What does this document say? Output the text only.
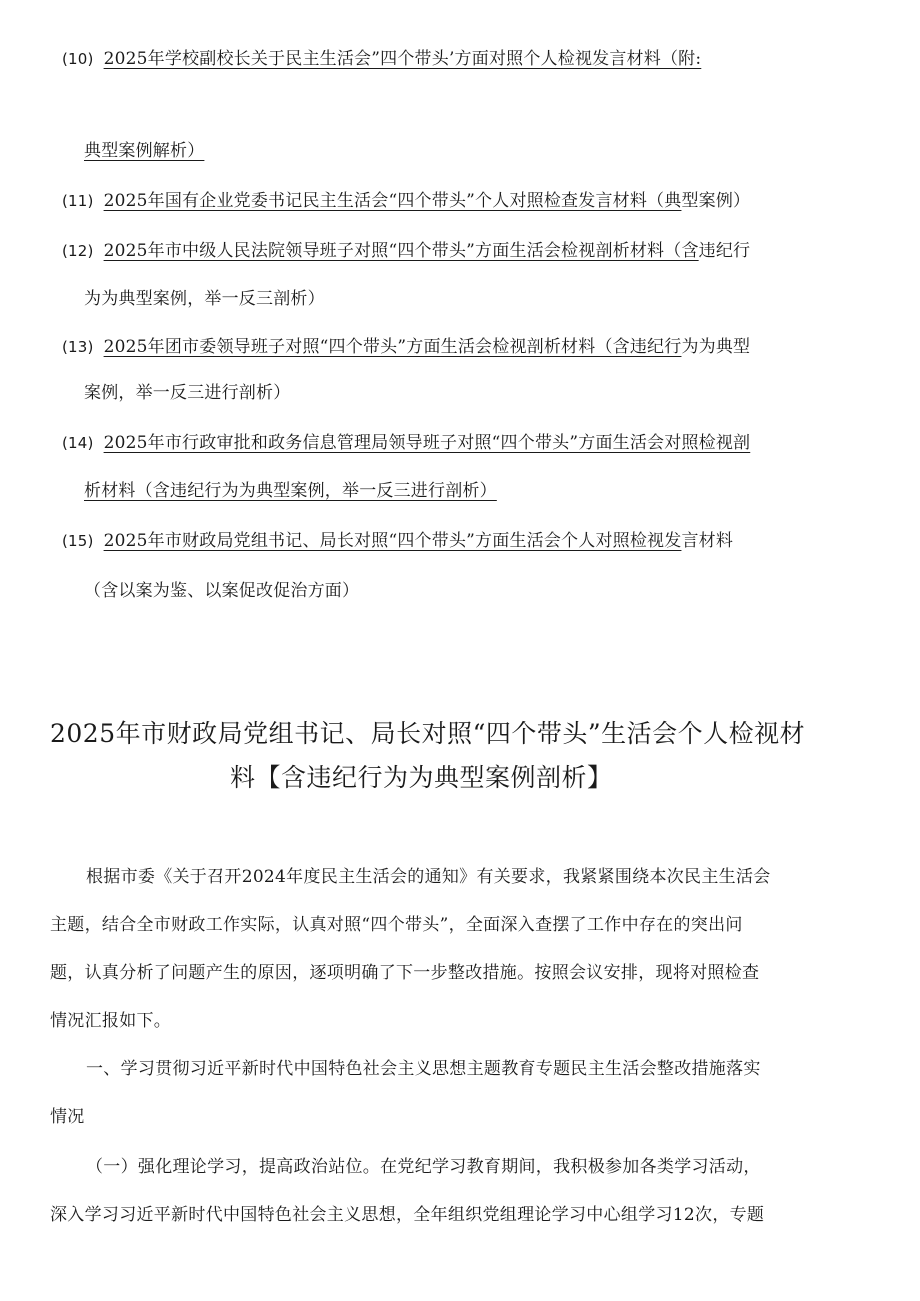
(10) 2025年学校副校长关于民主生活会”四个带头’方面对照个人检视发言材料（附:
典型案例解析）
(11) 2025年国有企业党委书记民主生活会“四个带头”个人对照检查发言材料（典型案例）
(12) 2025年市中级人民法院领导班子对照“四个带头”方面生活会检视剖析材料（含违纪行
为为典型案例，举一反三剖析）
(13) 2025年团市委领导班子对照“四个带头”方面生活会检视剖析材料（含违纪行为为典型
案例，举一反三进行剖析）
(14) 2025年市行政审批和政务信息管理局领导班子对照“四个带头”方面生活会对照检视剖
析材料（含违纪行为为典型案例，举一反三进行剖析）
(15) 2025年市财政局党组书记、局长对照“四个带头”方面生活会个人对照检视发言材料
（含以案为鉴、以案促改促治方面）
2025年市财政局党组书记、局长对照“四个带头”生活会个人检视材
料【含违纪行为为典型案例剖析】
根据市委《关于召开2024年度民主生活会的通知》有关要求，我紧紧围绕本次民主生活会
主题，结合全市财政工作实际，认真对照“四个带头”，全面深入查摆了工作中存在的突出问
题，认真分析了问题产生的原因，逐项明确了下一步整改措施。按照会议安排，现将对照检查
情况汇报如下。
一、学习贯彻习近平新时代中国特色社会主义思想主题教育专题民主生活会整改措施落实
情况
（一）强化理论学习，提高政治站位。在党纪学习教育期间，我积极参加各类学习活动，
深入学习习近平新时代中国特色社会主义思想，全年组织党组理论学习中心组学习12次，专题
